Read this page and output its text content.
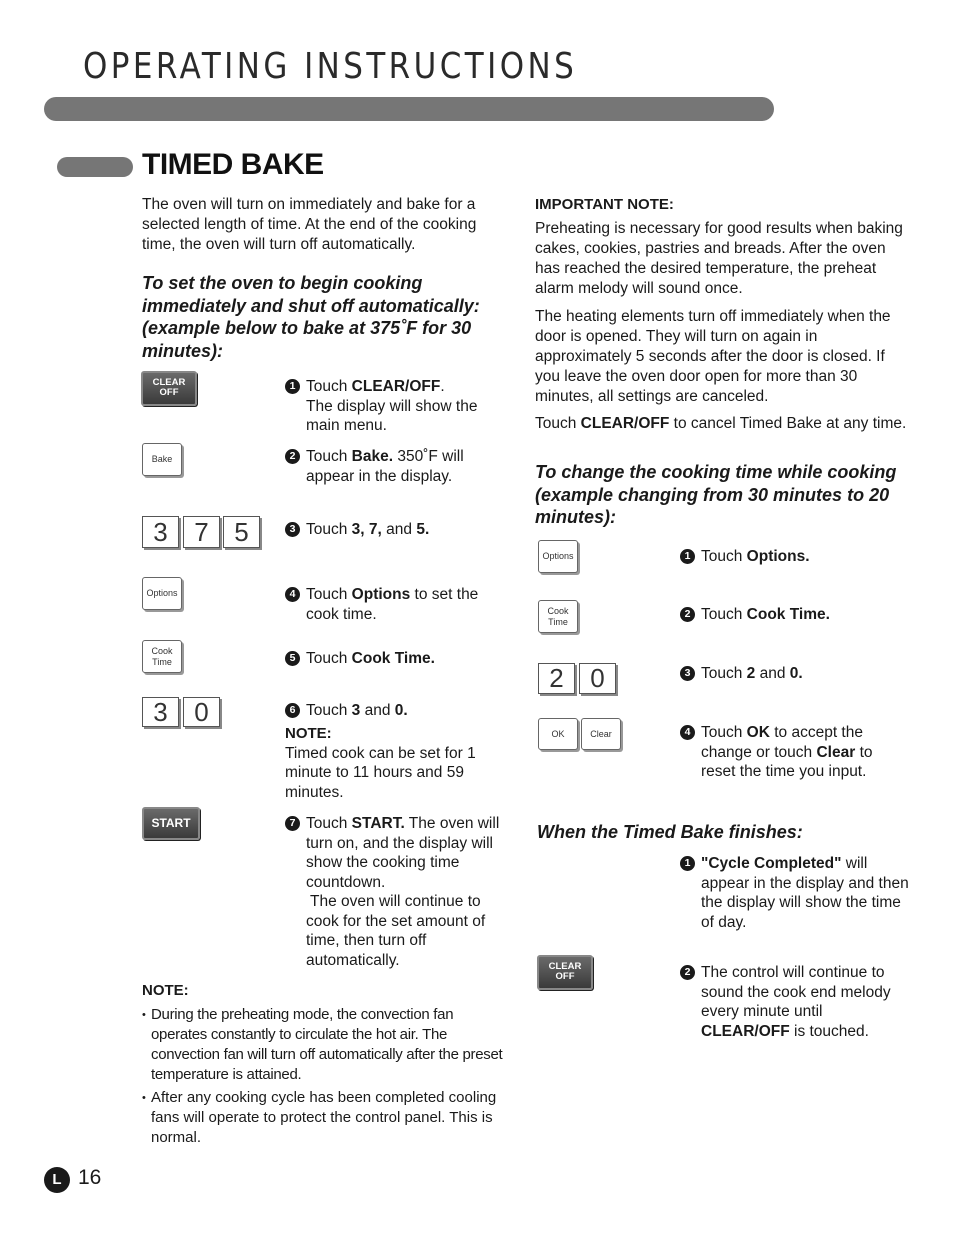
OPERATING INSTRUCTIONS
TIMED BAKE
The oven will turn on immediately and bake for a selected length of time. At the end of the cooking time, the oven will turn off automatically.
To set the oven to begin cooking
immediately and shut off automatically:
(example below to bake at 375˚F for 30
minutes):
CLEAR
OFF
Bake
3	7 5
Options
Cook
Time
3	0
START
1 Touch CLEAR/OFF.
The display will show the
main menu.
2 Touch Bake. 350˚F will
appear in the display.
3 Touch 3, 7, and 5.
4 Touch Options to set the
cook time.
5 Touch Cook Time.
6 Touch 3 and 0.
NOTE:
Timed cook can be set for 1
minute to 11 hours and 59
minutes.
7 Touch START. The oven will
turn on, and the display will
show the cooking time
countdown.
The oven will continue to
cook for the set amount of
time, then turn off
automatically.
NOTE:
• During the preheating mode, the convection fan
operates constantly to circulate the hot air. The
convection fan will turn off automatically after the preset
temperature is attained.
• After any cooking cycle has been completed cooling
fans will operate to protect the control panel. This is
normal.
IMPORTANT NOTE:
Preheating is necessary for good results when baking
cakes, cookies, pastries and breads. After the oven
has reached the desired temperature, the preheat
alarm melody will sound once.
The heating elements turn off immediately when the
door is opened. They will turn on again in
approximately 5 seconds after the door is closed. If
you leave the oven door open for more than 30
minutes, all settings are canceled.
Touch CLEAR/OFF to cancel Timed Bake at any time.
To change the cooking time while cooking
(example changing from 30 minutes to 20
minutes):
Options
Cook
Time
2	0
OK	Clear
1 Touch Options.
2 Touch Cook Time.
3 Touch 2 and 0.
4 Touch OK to accept the
change or touch Clear to
reset the time you input.
When the Timed Bake finishes:
1 "Cycle Completed" will
appear in the display and then
the display will show the time
of day.
CLEAR
OFF	2 The control will continue to
sound the cook end melody
every minute until
CLEAR/OFF is touched.
L 16
